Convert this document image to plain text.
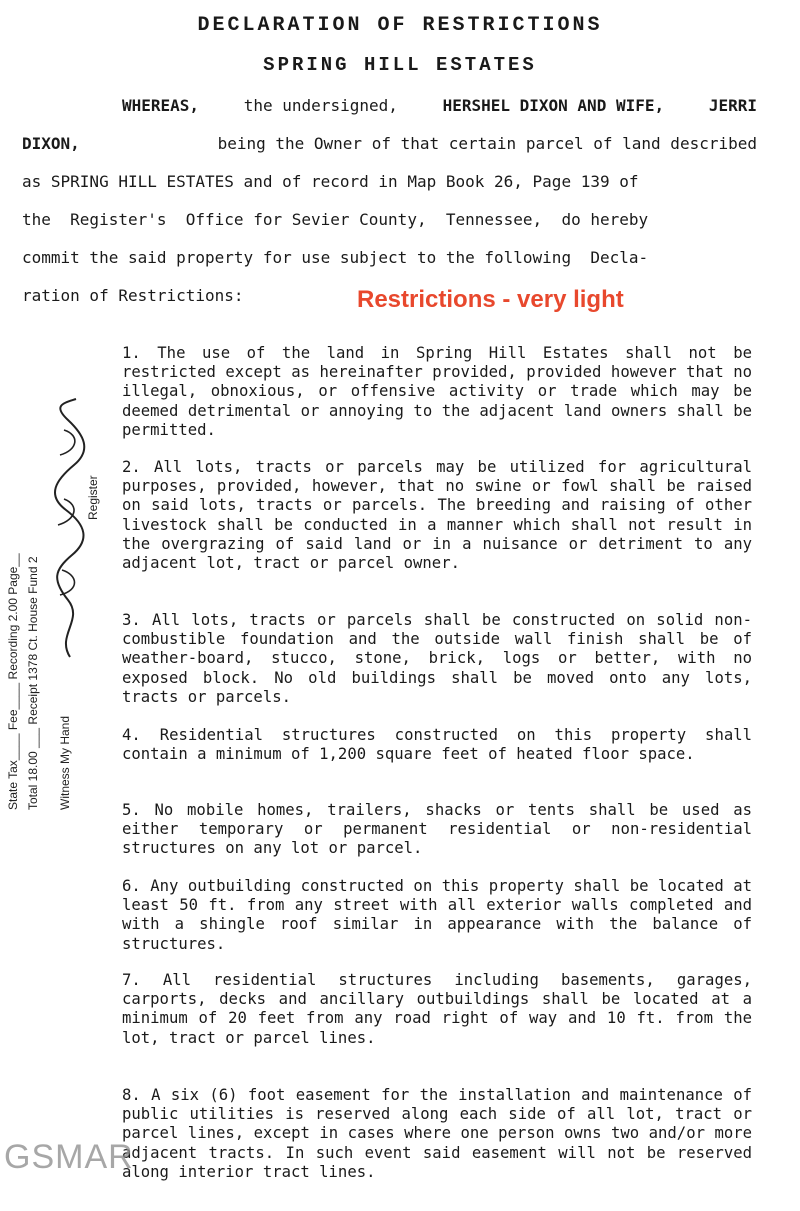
DECLARATION OF RESTRICTIONS
SPRING HILL ESTATES
WHEREAS,	the undersigned,	HERSHEL DIXON AND WIFE,	JERRI
DIXON,	being the Owner of that certain parcel of land described
as SPRING HILL ESTATES and of record in Map Book 26, Page 139 of
the  Register's  Office for Sevier County,  Tennessee,  do hereby
commit the said property for use subject to the following  Decla-
ration of Restrictions:	Restrictions - very light
1. The use of the land in Spring Hill Estates shall not be restricted except as hereinafter provided, provided however that no illegal, obnoxious, or offensive activity or trade which may be deemed detrimental or annoying to the adjacent land owners shall be permitted.
2. All lots, tracts or parcels may be utilized for agricultural purposes, provided, however, that no swine or fowl shall be raised on said lots, tracts or parcels. The breeding and raising of other livestock shall be conducted in a manner which shall not result in the overgrazing of said land or in a nuisance or detriment to any adjacent lot, tract or parcel owner.
3. All lots, tracts or parcels shall be constructed on solid non-combustible foundation and the outside wall finish shall be of weather-board, stucco, stone, brick, logs or better, with no exposed block. No old buildings shall be moved onto any lots, tracts or parcels.
4. Residential structures constructed on this property shall contain a minimum of 1,200 square feet of heated floor space.
5. No mobile homes, trailers, shacks or tents shall be used as either temporary or permanent residential or non-residential structures on any lot or parcel.
6. Any outbuilding constructed on this property shall be located at least 50 ft. from any street with all exterior walls completed and with a shingle roof similar in appearance with the balance of structures.
7. All residential structures including basements, garages, carports, decks and ancillary outbuildings shall be located at a minimum of 20 feet from any road right of way and 10 ft. from the lot, tract or parcel lines.
8. A six (6) foot easement for the installation and maintenance of public utilities is reserved along each side of all lot, tract or parcel lines, except in cases where one person owns two and/or more adjacent tracts. In such event said easement will not be reserved along interior tract lines.
State Tax____ Fee____ Recording 2.00 Page__ Total 18.00 ___ Receipt 1378 Ct. House Fund 2 Witness My Hand
Register
GSMAR
